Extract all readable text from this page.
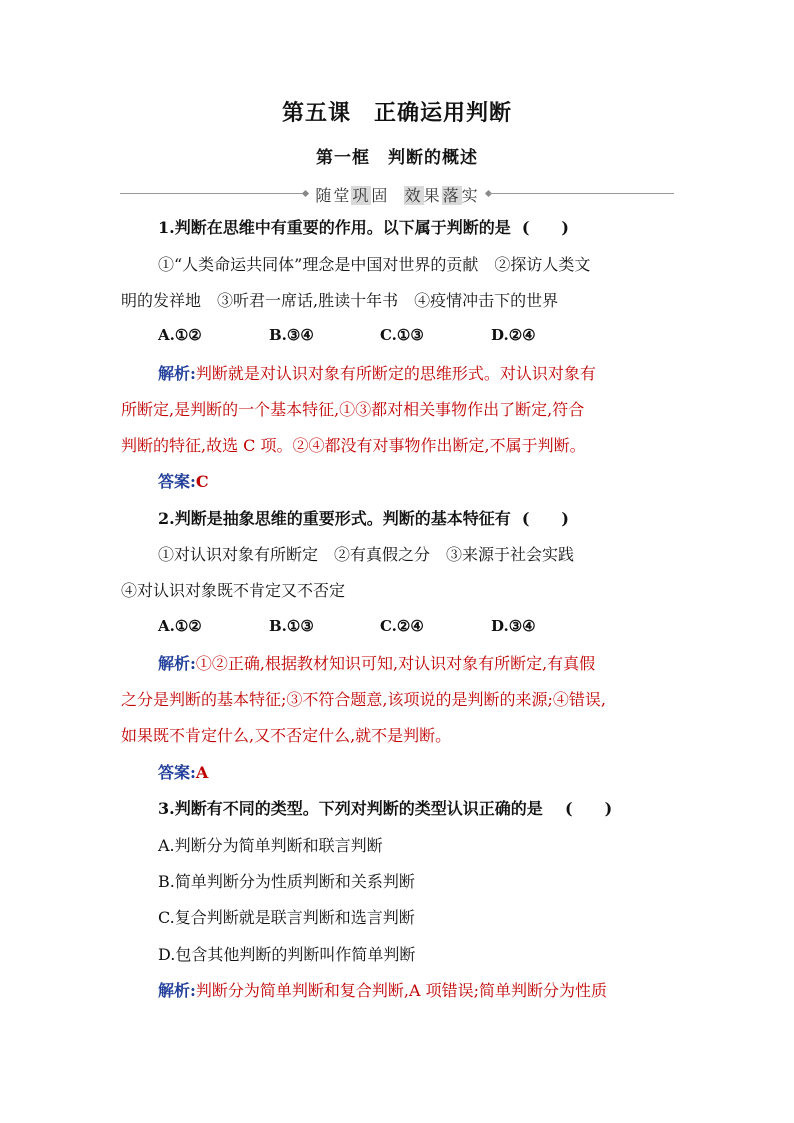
第五课　正确运用判断
第一框　判断的概述
随堂巩固 效果落实
1.判断在思维中有重要的作用。以下属于判断的是 (　　)
①“人类命运共同体”理念是中国对世界的贡献　②探访人类文
明的发祥地　③听君一席话,胜读十年书　④疫情冲击下的世界
A.①②	B.③④	C.①③	D.②④
解析:判断就是对认识对象有所断定的思维形式。对认识对象有
所断定,是判断的一个基本特征,①③都对相关事物作出了断定,符合
判断的特征,故选 C 项。②④都没有对事物作出断定,不属于判断。
答案:C
2.判断是抽象思维的重要形式。判断的基本特征有 (　　)
①对认识对象有所断定　②有真假之分　③来源于社会实践
④对认识对象既不肯定又不否定
A.①②	B.①③	C.②④	D.③④
解析:①②正确,根据教材知识可知,对认识对象有所断定,有真假
之分是判断的基本特征;③不符合题意,该项说的是判断的来源;④错误,
如果既不肯定什么,又不否定什么,就不是判断。
答案:A
3.判断有不同的类型。下列对判断的类型认识正确的是 (　　)
A.判断分为简单判断和联言判断
B.简单判断分为性质判断和关系判断
C.复合判断就是联言判断和选言判断
D.包含其他判断的判断叫作简单判断
解析:判断分为简单判断和复合判断,A 项错误;简单判断分为性质
